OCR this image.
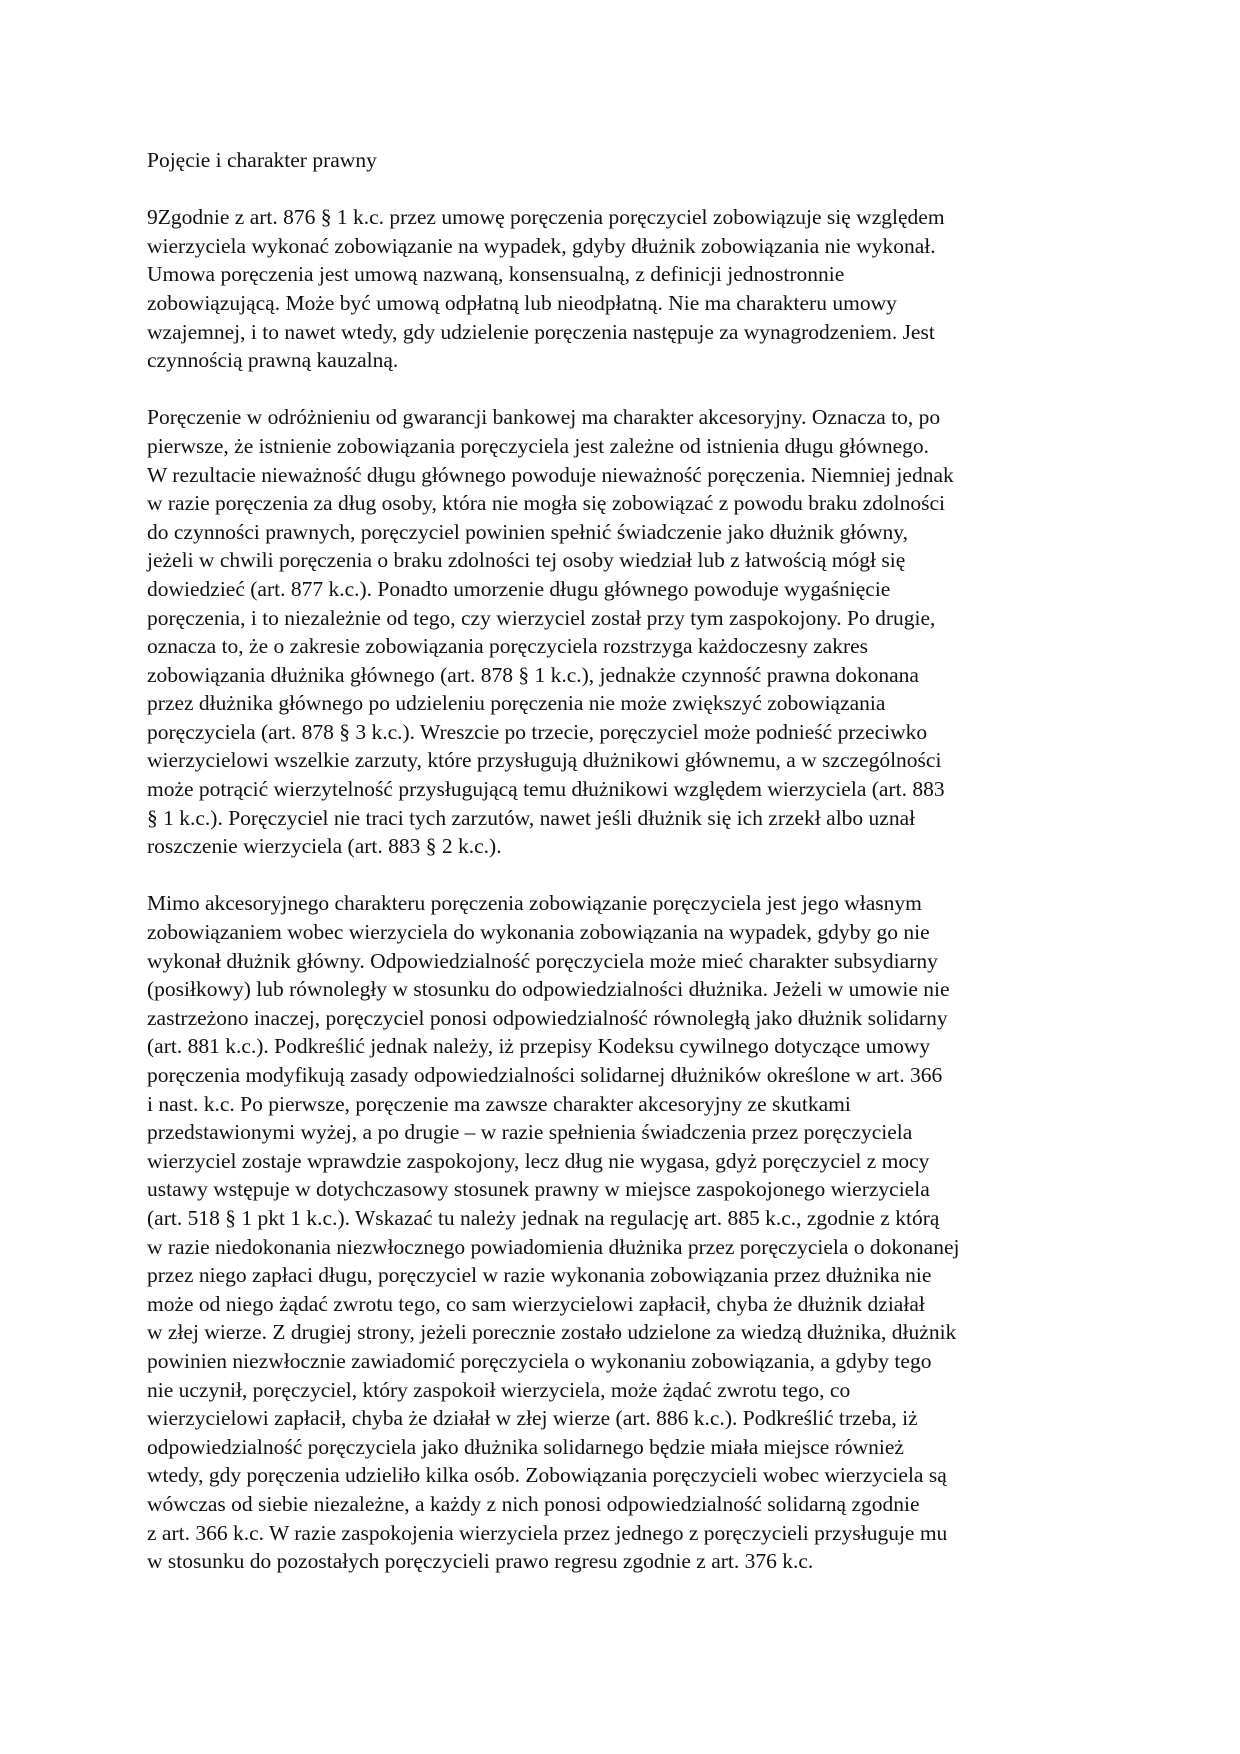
Pojęcie i charakter prawny

9Zgodnie z art. 876 § 1 k.c. przez umowę poręczenia poręczyciel zobowiązuje się względem
wierzyciela wykonać zobowiązanie na wypadek, gdyby dłużnik zobowiązania nie wykonał.
Umowa poręczenia jest umową nazwaną, konsensualną, z definicji jednostronnie
zobowiązującą. Może być umową odpłatną lub nieodpłatną. Nie ma charakteru umowy
wzajemnej, i to nawet wtedy, gdy udzielenie poręczenia następuje za wynagrodzeniem. Jest
czynnością prawną kauzalną.

Poręczenie w odróżnieniu od gwarancji bankowej ma charakter akcesoryjny. Oznacza to, po
pierwsze, że istnienie zobowiązania poręczyciela jest zależne od istnienia długu głównego.
W rezultacie nieważność długu głównego powoduje nieważność poręczenia. Niemniej jednak
w razie poręczenia za dług osoby, która nie mogła się zobowiązać z powodu braku zdolności
do czynności prawnych, poręczyciel powinien spełnić świadczenie jako dłużnik główny,
jeżeli w chwili poręczenia o braku zdolności tej osoby wiedział lub z łatwością mógł się
dowiedzieć (art. 877 k.c.). Ponadto umorzenie długu głównego powoduje wygaśnięcie
poręczenia, i to niezależnie od tego, czy wierzyciel został przy tym zaspokojony. Po drugie,
oznacza to, że o zakresie zobowiązania poręczyciela rozstrzyga każdoczesny zakres
zobowiązania dłużnika głównego (art. 878 § 1 k.c.), jednakże czynność prawna dokonana
przez dłużnika głównego po udzieleniu poręczenia nie może zwiększyć zobowiązania
poręczyciela (art. 878 § 3 k.c.). Wreszcie po trzecie, poręczyciel może podnieść przeciwko
wierzycielowi wszelkie zarzuty, które przysługują dłużnikowi głównemu, a w szczególności
może potrącić wierzytelność przysługującą temu dłużnikowi względem wierzyciela (art. 883
§ 1 k.c.). Poręczyciel nie traci tych zarzutów, nawet jeśli dłużnik się ich zrzekł albo uznał
roszczenie wierzyciela (art. 883 § 2 k.c.).

Mimo akcesoryjnego charakteru poręczenia zobowiązanie poręczyciela jest jego własnym
zobowiązaniem wobec wierzyciela do wykonania zobowiązania na wypadek, gdyby go nie
wykonał dłużnik główny. Odpowiedzialność poręczyciela może mieć charakter subsydiarny
(posiłkowy) lub równoległy w stosunku do odpowiedzialności dłużnika. Jeżeli w umowie nie
zastrzeżono inaczej, poręczyciel ponosi odpowiedzialność równoległą jako dłużnik solidarny
(art. 881 k.c.). Podkreślić jednak należy, iż przepisy Kodeksu cywilnego dotyczące umowy
poręczenia modyfikują zasady odpowiedzialności solidarnej dłużników określone w art. 366
i nast. k.c. Po pierwsze, poręczenie ma zawsze charakter akcesoryjny ze skutkami
przedstawionymi wyżej, a po drugie – w razie spełnienia świadczenia przez poręczyciela
wierzyciel zostaje wprawdzie zaspokojony, lecz dług nie wygasa, gdyż poręczyciel z mocy
ustawy wstępuje w dotychczasowy stosunek prawny w miejsce zaspokojonego wierzyciela
(art. 518 § 1 pkt 1 k.c.). Wskazać tu należy jednak na regulację art. 885 k.c., zgodnie z którą
w razie niedokonania niezwłocznego powiadomienia dłużnika przez poręczyciela o dokonanej
przez niego zapłaci długu, poręczyciel w razie wykonania zobowiązania przez dłużnika nie
może od niego żądać zwrotu tego, co sam wierzycielowi zapłacił, chyba że dłużnik działał
w złej wierze. Z drugiej strony, jeżeli porecznie zostało udzielone za wiedzą dłużnika, dłużnik
powinien niezwłocznie zawiadomić poręczyciela o wykonaniu zobowiązania, a gdyby tego
nie uczynił, poręczyciel, który zaspokoił wierzyciela, może żądać zwrotu tego, co
wierzycielowi zapłacił, chyba że działał w złej wierze (art. 886 k.c.). Podkreślić trzeba, iż
odpowiedzialność poręczyciela jako dłużnika solidarnego będzie miała miejsce również
wtedy, gdy poręczenia udzieliło kilka osób. Zobowiązania poręczycieli wobec wierzyciela są
wówczas od siebie niezależne, a każdy z nich ponosi odpowiedzialność solidarną zgodnie
z art. 366 k.c. W razie zaspokojenia wierzyciela przez jednego z poręczycieli przysługuje mu
w stosunku do pozostałych poręczycieli prawo regresu zgodnie z art. 376 k.c.
